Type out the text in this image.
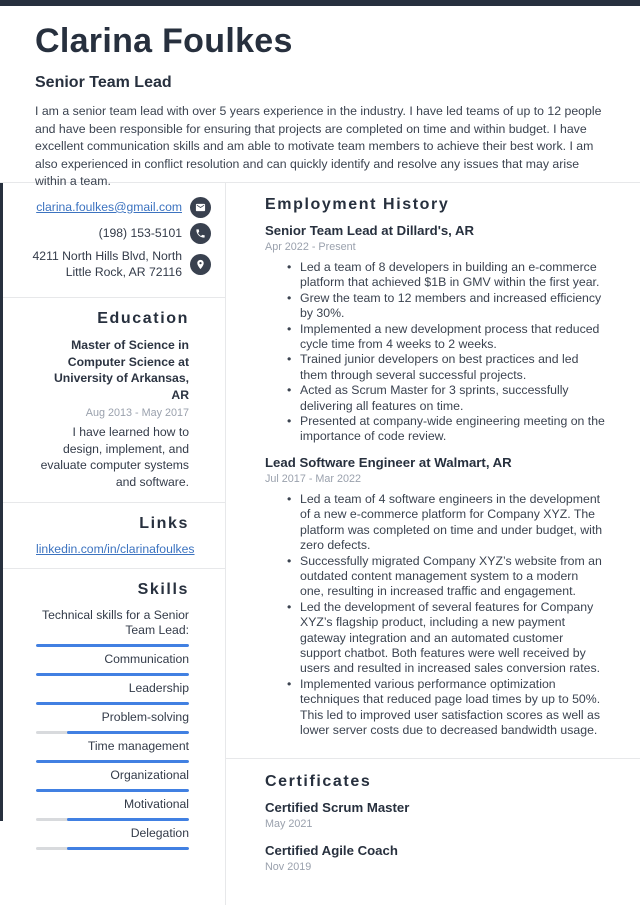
Clarina Foulkes
Senior Team Lead

I am a senior team lead with over 5 years experience in the industry. I have led teams of up to 12 people and have been responsible for ensuring that projects are completed on time and within budget. I have excellent communication skills and am able to motivate team members to achieve their best work. I am also experienced in conflict resolution and can quickly identify and resolve any issues that may arise within a team.

clarina.foulkes@gmail.com
(198) 153-5101
4211 North Hills Blvd, North Little Rock, AR 72116
Education
Master of Science in Computer Science at University of Arkansas, AR
Aug 2013 - May 2017
I have learned how to design, implement, and evaluate computer systems and software.
Links
linkedin.com/in/clarinafoulkes
Skills
Technical skills for a Senior Team Lead:
Communication
Leadership
Problem-solving
Time management
Organizational
Motivational
Delegation
Employment History
Senior Team Lead at Dillard's, AR
Apr 2022 - Present
• Led a team of 8 developers in building an e-commerce platform that achieved $1B in GMV within the first year.
• Grew the team to 12 members and increased efficiency by 30%.
• Implemented a new development process that reduced cycle time from 4 weeks to 2 weeks.
• Trained junior developers on best practices and led them through several successful projects.
• Acted as Scrum Master for 3 sprints, successfully delivering all features on time.
• Presented at company-wide engineering meeting on the importance of code review.
Lead Software Engineer at Walmart, AR
Jul 2017 - Mar 2022
• Led a team of 4 software engineers in the development of a new e-commerce platform for Company XYZ. The platform was completed on time and under budget, with zero defects.
• Successfully migrated Company XYZ’s website from an outdated content management system to a modern one, resulting in increased traffic and engagement.
• Led the development of several features for Company XYZ’s flagship product, including a new payment gateway integration and an automated customer support chatbot. Both features were well received by users and resulted in increased sales conversion rates.
• Implemented various performance optimization techniques that reduced page load times by up to 50%. This led to improved user satisfaction scores as well as lower server costs due to decreased bandwidth usage.
Certificates
Certified Scrum Master
May 2021
Certified Agile Coach
Nov 2019
